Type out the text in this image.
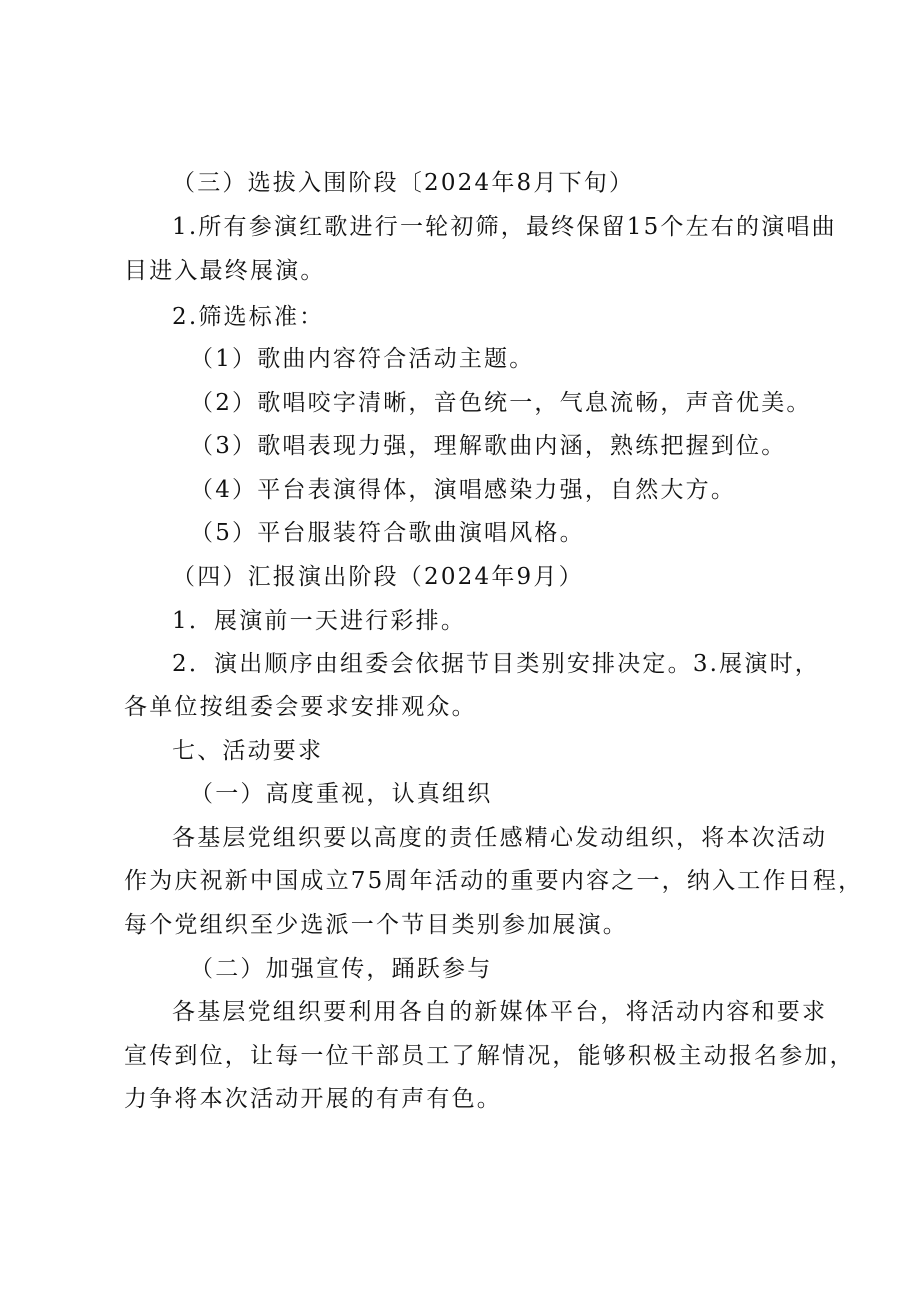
（三）选拔入围阶段〔2024年8月下旬）
1.所有参演红歌进行一轮初筛，最终保留15个左右的演唱曲
目进入最终展演。
2.筛选标准：
（1）歌曲内容符合活动主题。
（2）歌唱咬字清晰，音色统一，气息流畅，声音优美。
（3）歌唱表现力强，理解歌曲内涵，熟练把握到位。
（4）平台表演得体，演唱感染力强，自然大方。
（5）平台服装符合歌曲演唱风格。
（四）汇报演出阶段（2024年9月）
1．展演前一天进行彩排。
2．演出顺序由组委会依据节目类别安排决定。3.展演时，
各单位按组委会要求安排观众。
七、活动要求
（一）高度重视，认真组织
各基层党组织要以高度的责任感精心发动组织，将本次活动
作为庆祝新中国成立75周年活动的重要内容之一，纳入工作日程，
每个党组织至少选派一个节目类别参加展演。
（二）加强宣传，踊跃参与
各基层党组织要利用各自的新媒体平台，将活动内容和要求
宣传到位，让每一位干部员工了解情况，能够积极主动报名参加，
力争将本次活动开展的有声有色。
